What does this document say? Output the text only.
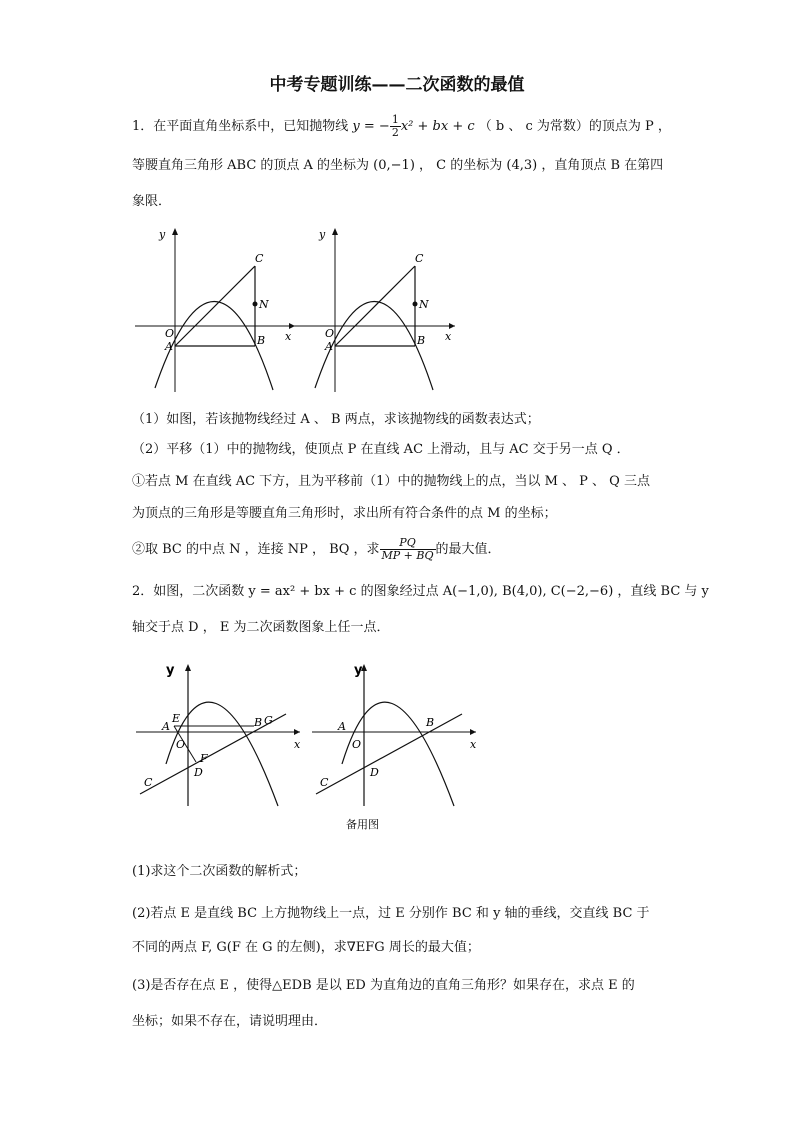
中考专题训练——二次函数的最值
1．在平面直角坐标系中，已知抛物线 y = − $\frac{1}{2} x^2$ + bx + c （ b 、 c 为常数）的顶点为 P ，
等腰直角三角形 ABC 的顶点 A 的坐标为 (0,−1) ， C 的坐标为 (4,3) ，直角顶点 B 在第四
象限．
y
x
C
N
O
A	B
y
x
C
N
O
A	B
（1）如图，若该抛物线经过 A 、 B 两点，求该抛物线的函数表达式；
（2）平移（1）中的抛物线，使顶点 P 在直线 AC 上滑动，且与 AC 交于另一点 Q ．
①若点 M 在直线 AC 下方，且为平移前（1）中的抛物线上的点，当以 M 、 P 、 Q 三点
为顶点的三角形是等腰直角三角形时，求出所有符合条件的点 M 的坐标；
②取 BC 的中点 N ，连接 NP ， BQ ，求 $\frac{PQ}{MP + BQ}$ 的最大值．
2．如图，二次函数 y = ax² + bx + c 的图象经过点 A(−1,0), B(4,0), C(−2,−6) ，直线 BC 与 y
轴交于点 D ， E 为二次函数图象上任一点．
y
x
E
A
O
F
D
C
B G
y
x
A
O
D
C
B
备用图
(1)求这个二次函数的解析式；
(2)若点 E 是直线 BC 上方抛物线上一点，过 E 分别作 BC 和 y 轴的垂线，交直线 BC 于
不同的两点 F, G(F 在 G 的左侧)，求∇EFG 周长的最大值；
(3)是否存在点 E ，使得△EDB 是以 ED 为直角边的直角三角形？如果存在，求点 E 的
坐标；如果不存在，请说明理由．
